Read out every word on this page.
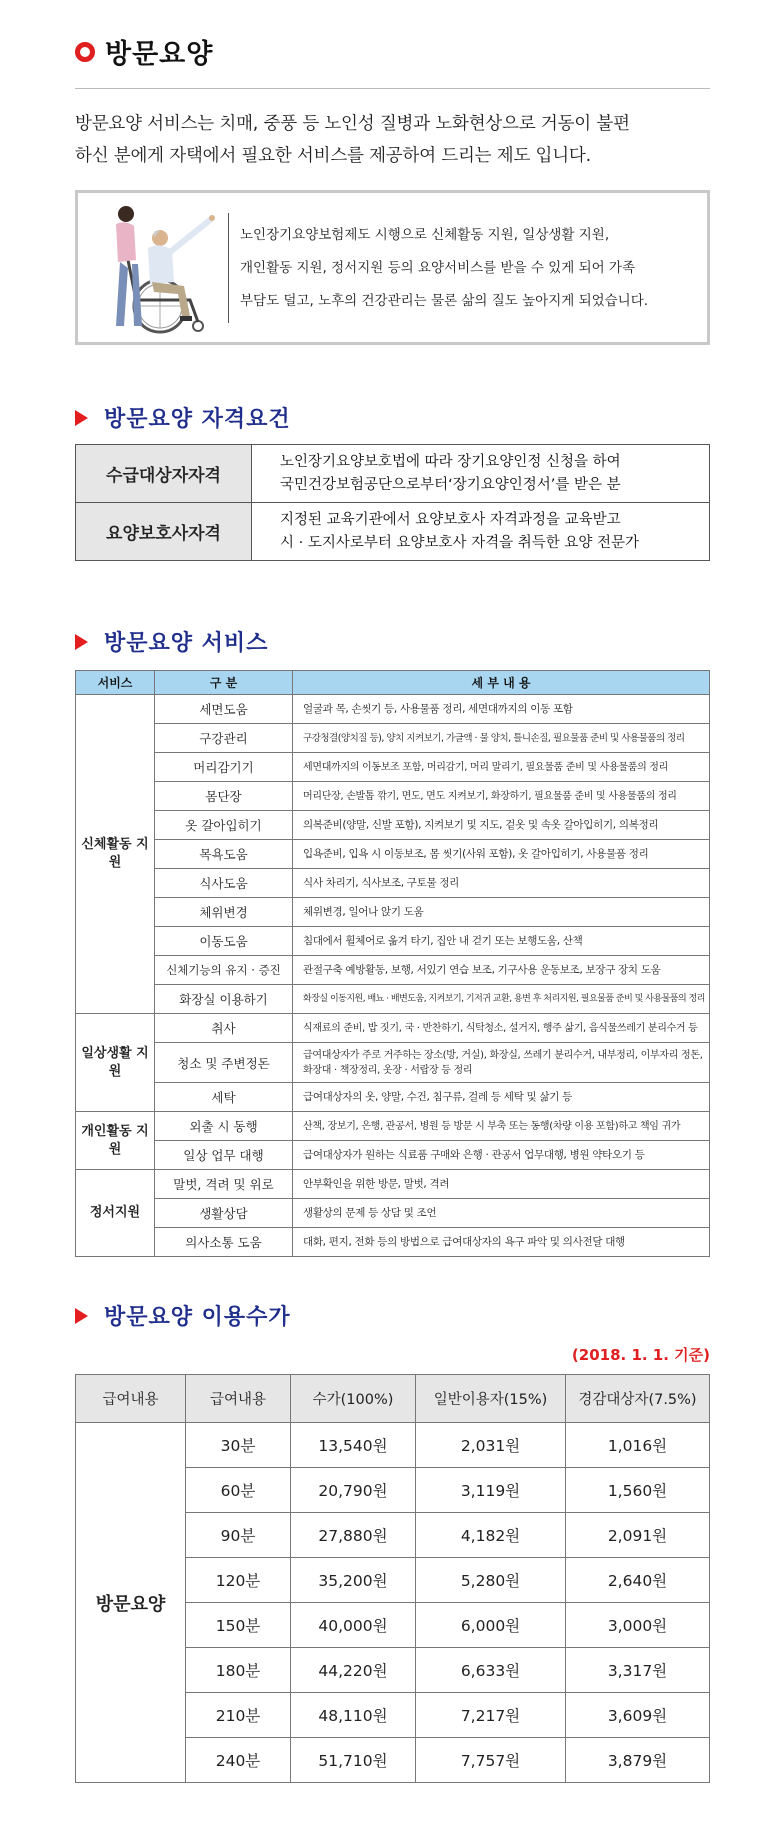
방문요양
방문요양 서비스는 치매, 중풍 등 노인성 질병과 노화현상으로 거동이 불편
하신 분에게 자택에서 필요한 서비스를 제공하여 드리는 제도 입니다.
노인장기요양보험제도 시행으로 신체활동 지원, 일상생활 지원,
개인활동 지원, 정서지원 등의 요양서비스를 받을 수 있게 되어 가족
부담도 덜고, 노후의 건강관리는 물론 삶의 질도 높아지게 되었습니다.
방문요양 자격요건
수급대상자자격	노인장기요양보호법에 따라 장기요양인정 신청을 하여
국민건강보험공단으로부터‘장기요양인정서’를 받은 분

요양보호사자격	지정된 교육기관에서 요양보호사 자격과정을 교육받고
시 · 도지사로부터 요양보호사 자격을 취득한 요양 전문가
방문요양 서비스
서비스	구 분	세 부 내 용
신체활동 지원	세면도움	얼굴과 목, 손씻기 등, 사용물품 정리, 세면대까지의 이동 포함
	구강관리	구강청결(양치질 등), 양치 지켜보기, 가글액 · 물 양치, 틀니손질, 필요물품 준비 및 사용물품의 정리
	머리감기기	세면대까지의 이동보조 포함, 머리감기, 머리 말리기, 필요물품 준비 및 사용물품의 정리
	몸단장	머리단장, 손발톱 깎기, 면도, 면도 지켜보기, 화장하기, 필요물품 준비 및 사용물품의 정리
	옷 갈아입히기	의복준비(양말, 신발 포함), 지켜보기 및 지도, 겉옷 및 속옷 갈아입히기, 의복정리
	목욕도움	입욕준비, 입욕 시 이동보조, 몸 씻기(사워 포함), 옷 갈아입히기, 사용물품 정리
	식사도움	식사 차리기, 식사보조, 구토물 정리
	체위변경	체위변경, 일어나 앉기 도움
	이동도움	침대에서 휠체어로 옮겨 타기, 집안 내 걷기 또는 보행도움, 산책
	신체기능의 유지 · 증진	관절구축 예방활동, 보행, 서있기 연습 보조, 기구사용 운동보조, 보장구 장치 도움
	화장실 이용하기	화장실 이동지원, 배뇨 · 배변도움, 지켜보기, 기저귀 교환, 용변 후 처리지원, 필요물품 준비 및 사용물품의 정리
일상생활 지원	취사	식재료의 준비, 밥 짓기, 국 · 반찬하기, 식탁청소, 설거지, 행주 삶기, 음식물쓰레기 분리수거 등
	청소 및 주변정돈	급여대상자가 주로 거주하는 장소(방, 거실), 화장실, 쓰레기 분리수거, 내부정리, 이부자리 정돈,
화장대 · 책장정리, 옷장 · 서랍장 등 정리

	세탁	급여대상자의 옷, 양말, 수건, 침구류, 걸레 등 세탁 및 삶기 등
개인활동 지원	외출 시 동행	산책, 장보기, 은행, 관공서, 병원 등 방문 시 부축 또는 동행(차량 이용 포함)하고 책임 귀가
	일상 업무 대행	급여대상자가 원하는 식료품 구매와 은행 · 관공서 업무대행, 병원 약타오기 등
정서지원	말벗, 격려 및 위로	안부확인을 위한 방문, 말벗, 격려
	생활상담	생활상의 문제 등 상담 및 조언
	의사소통 도움	대화, 편지, 전화 등의 방법으로 급여대상자의 욕구 파악 및 의사전달 대행
방문요양 이용수가
(2018. 1. 1. 기준)
급여내용	급여내용	수가(100%)	일반이용자(15%)	경감대상자(7.5%)
방문요양	30분	13,540원	2,031원	1,016원
	60분	20,790원	3,119원	1,560원
	90분	27,880원	4,182원	2,091원
	120분	35,200원	5,280원	2,640원
	150분	40,000원	6,000원	3,000원
	180분	44,220원	6,633원	3,317원
	210분	48,110원	7,217원	3,609원
	240분	51,710원	7,757원	3,879원
